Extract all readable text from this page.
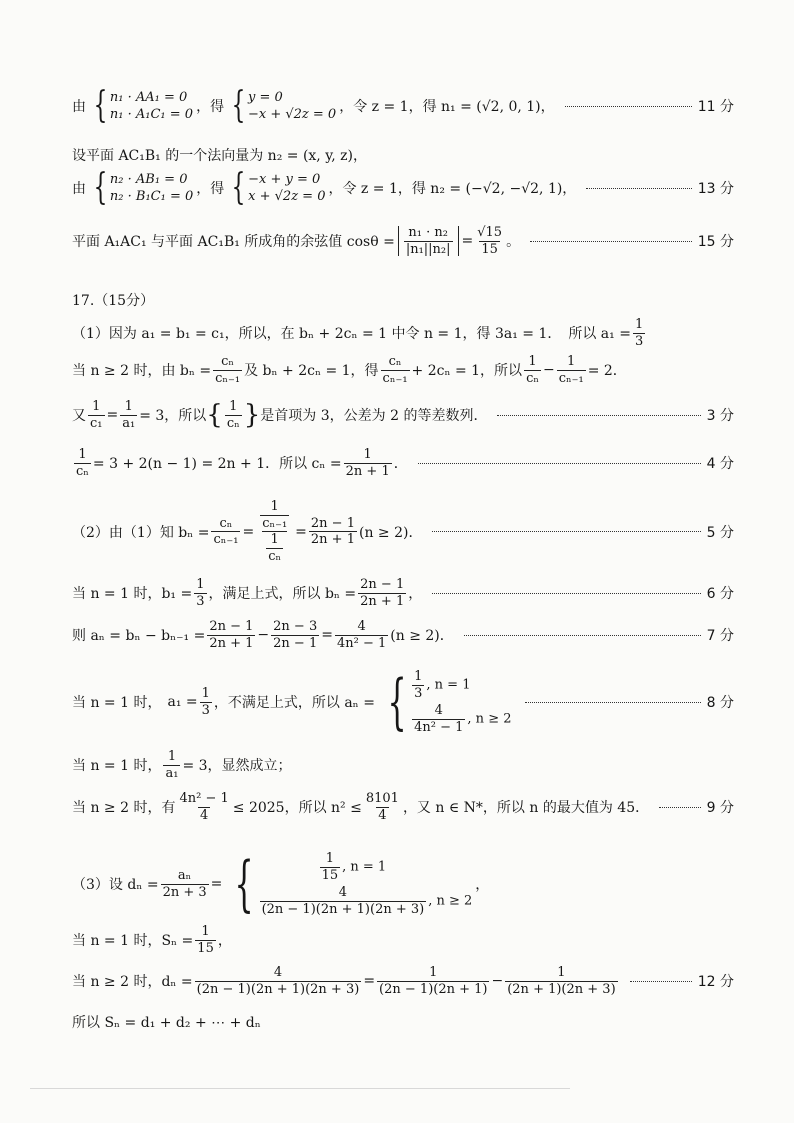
由 { n₁ · AA₁ = 0
n₁ · A₁C₁ = 0 ，得 { y = 0
−x + √2z = 0 ，令 z = 1，得 n₁ = (√2, 0, 1)，	11 分
设平面 AC₁B₁ 的一个法向量为 n₂ = (x, y, z)，
由 { n₂ · AB₁ = 0
n₂ · B₁C₁ = 0 ，得 { −x + y = 0
x + √2z = 0 ，令 z = 1，得 n₂ = (−√2, −√2, 1)，	13 分
平面 A₁AC₁ 与平面 AC₁B₁ 所成角的余弦值 $\cos\theta = \frac{\text{n₁ · n₂}}{\text{|n₁||n₂|}} = \frac{√15}{15}$ 。	15 分
17.（15分）
（1）因为 a₁ = b₁ = c₁，所以，在 bₙ + 2cₙ = 1 中令 n = 1，得 3a₁ = 1．　所以 $a_1 = \frac{1}{3}$
当 n ≥ 2 时，由 $b_n = \frac{\text{cₙ}}{\text{cₙ₋₁}}$ 及 bₙ + 2cₙ = 1，得 $\frac{\text{cₙ}}{\text{cₙ₋₁}} + 2c_n = 1$，所以 $\frac{1}{\text{cₙ}} - \frac{1}{\text{cₙ₋₁}} = 2$．
又 $\frac{1}{\text{c₁}} = \frac{1}{\text{a₁}} = 3$，所以 { $\frac{1}{\text{cₙ}}$ } 是首项为 3，公差为 2 的等差数列．	3 分
$\frac{1}{\text{cₙ}} = 3 + 2(n - 1) = 2n + 1$．所以 $c_n = \frac{1}{2n + 1}$ ．	4 分
（2）由（1）知 $b_n = \frac{\text{cₙ}}{\text{cₙ₋₁}} = \frac{\frac{1}{\text{cₙ₋₁}}}{\frac{1}{\text{cₙ}}} = \frac{2n - 1}{2n + 1} (n \ge 2)$．	5 分
当 n = 1 时，$b_1 = \frac{1}{3}$ ，满足上式，所以 $b_n = \frac{2n - 1}{2n + 1}$ ，	6 分
则 $a_n = b_n - b_{n-1} = \frac{2n - 1}{2n + 1} - \frac{2n - 3}{2n - 1} = \frac{4}{\text{4n² − 1}} (n \ge 2)$．	7 分
当 n = 1 时， $a_1 = \frac{1}{3}$ ，不满足上式，所以 aₙ = { $\frac{1}{3}$ , n = 1
$\frac{4}{\text{4n² − 1}}$ , n ≥ 2
8 分
当 n = 1 时， $\frac{1}{\text{a₁}} = 3$，显然成立；
当 n ≥ 2 时，有 $\frac{\text{4n² − 1}}{4} \le 2025$，所以 $n^2 \le \frac{8101}{4}$ ，又 n ∈ N*，所以 n 的最大值为 45．	9 分
（3）设 $d_n = \frac{\text{aₙ}}{2n + 3}$ = {	$\frac{1}{15}$ , n = 1
$\frac{4}{(2n - 1)(2n + 1)(2n + 3)}$ , n ≥ 2
，
当 n = 1 时，$S_n = \frac{1}{15}$ ，
当 n ≥ 2 时，$d_n = \frac{4}{(2n - 1)(2n + 1)(2n + 3)} = \frac{1}{(2n - 1)(2n + 1)} - \frac{1}{(2n + 1)(2n + 3)}$	12 分
所以 Sₙ = d₁ + d₂ + ⋯ + dₙ
